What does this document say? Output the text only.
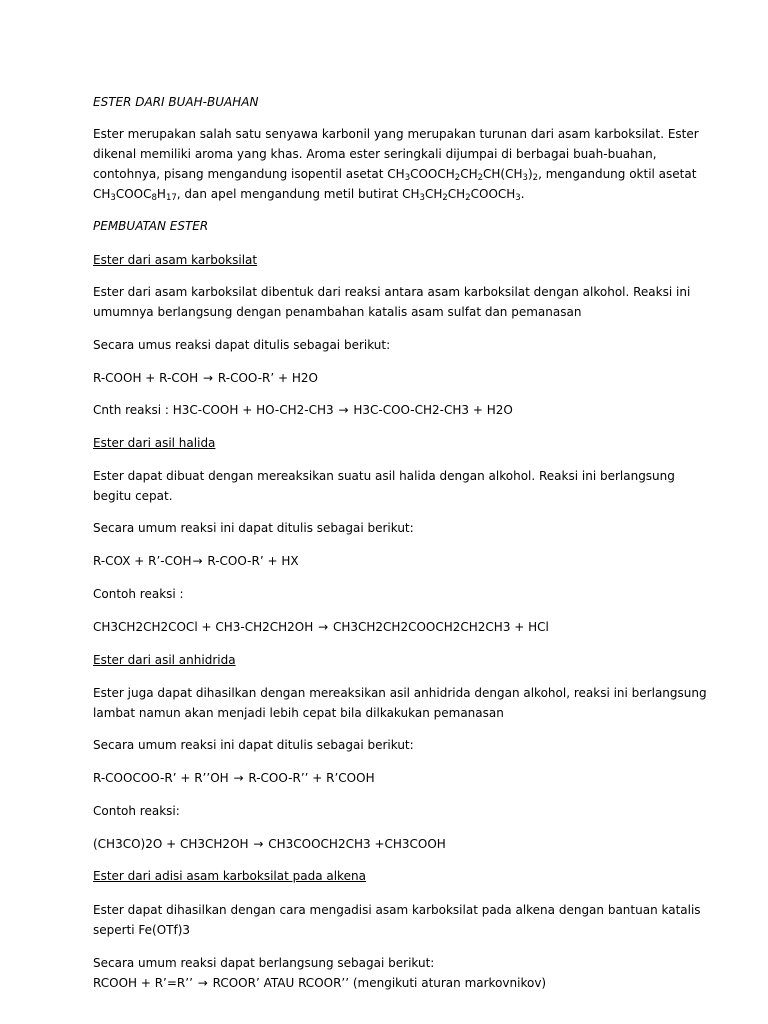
ESTER DARI BUAH-BUAHAN
Ester merupakan salah satu senyawa karbonil yang merupakan turunan dari asam karboksilat. Ester
dikenal memiliki aroma yang khas. Aroma ester seringkali dijumpai di berbagai buah-buahan,
contohnya, pisang mengandung isopentil asetat $CH_3COOCH_2CH_2CH(CH_3)_2$, mengandung oktil asetat
$CH_3COOC_8H_{17}$, dan apel mengandung metil butirat $CH_3CH_2CH_2COOCH_3$.
PEMBUATAN ESTER
Ester dari asam karboksilat
Ester dari asam karboksilat dibentuk dari reaksi antara asam karboksilat dengan alkohol. Reaksi ini
umumnya berlangsung dengan penambahan katalis asam sulfat dan pemanasan
Secara umus reaksi dapat ditulis sebagai berikut:
R-COOH + R-COH → R-COO-R’ + H2O
Cnth reaksi : H3C-COOH + HO-CH2-CH3 → H3C-COO-CH2-CH3 + H2O
Ester dari asil halida
Ester dapat dibuat dengan mereaksikan suatu asil halida dengan alkohol. Reaksi ini berlangsung
begitu cepat.
Secara umum reaksi ini dapat ditulis sebagai berikut:
R-COX + R’-COH→ R-COO-R’ + HX
Contoh reaksi :
CH3CH2CH2COCl + CH3-CH2CH2OH → CH3CH2CH2COOCH2CH2CH3 + HCl
Ester dari asil anhidrida
Ester juga dapat dihasilkan dengan mereaksikan asil anhidrida dengan alkohol, reaksi ini berlangsung
lambat namun akan menjadi lebih cepat bila dilkakukan pemanasan
Secara umum reaksi ini dapat ditulis sebagai berikut:
R-COOCOO-R’ + R’’OH → R-COO-R’’ + R’COOH
Contoh reaksi:
(CH3CO)2O + CH3CH2OH → CH3COOCH2CH3 +CH3COOH
Ester dari adisi asam karboksilat pada alkena
Ester dapat dihasilkan dengan cara mengadisi asam karboksilat pada alkena dengan bantuan katalis
seperti Fe(OTf)3
Secara umum reaksi dapat berlangsung sebagai berikut:
RCOOH + R’=R’’ → RCOOR’ ATAU RCOOR’’ (mengikuti aturan markovnikov)
